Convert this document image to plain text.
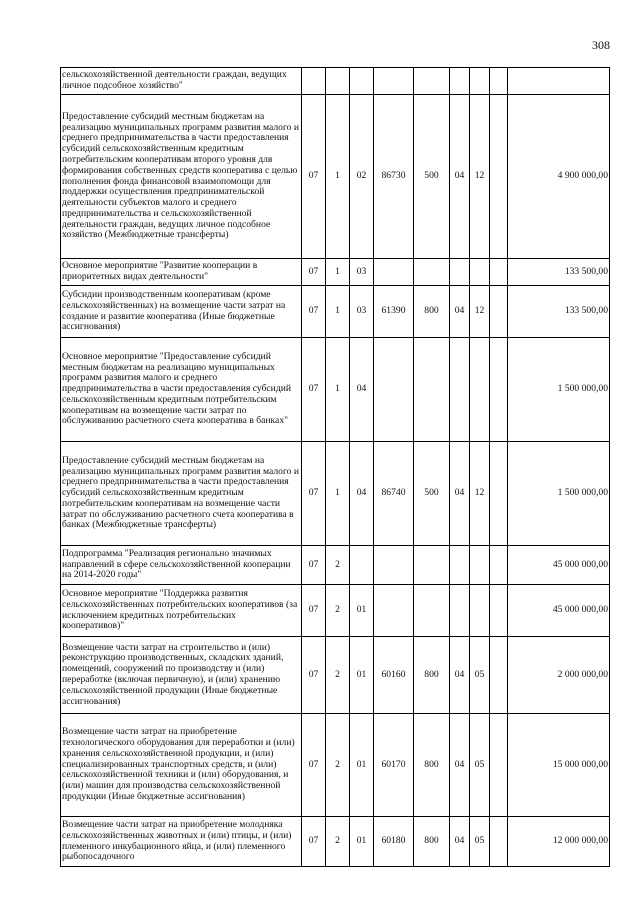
308
сельскохозяйственной деятельности граждан, ведущих личное подсобное хозяйство"									
Предоставление субсидий местным бюджетам на реализацию муниципальных программ развития малого и среднего предпринимательства в части предоставления субсидий сельскохозяйственным кредитным потребительским кооперативам второго уровня для формирования собственных средств кооператива с целью пополнения фонда финансовой взаимопомощи для поддержки осуществления предпринимательской деятельности субъектов малого и среднего предпринимательства и сельскохозяйственной деятельности граждан, ведущих личное подсобное хозяйство (Межбюджетные трансферты)	07	1	02	86730	500	04	12		4 900 000,00
Основное мероприятие "Развитие кооперации в приоритетных видах деятельности"	07	1	03						133 500,00
Субсидии производственным кооперативам (кроме сельскохозяйственных) на возмещение части затрат на создание и развитие кооператива (Иные бюджетные ассигнования)	07	1	03	61390	800	04	12		133 500,00
Основное мероприятие "Предоставление субсидий местным бюджетам на реализацию муниципальных программ развития малого и среднего предпринимательства в части предоставления субсидий сельскохозяйственным кредитным потребительским кооперативам на возмещение части затрат по обслуживанию расчетного счета кооператива в банках"	07	1	04						1 500 000,00
Предоставление субсидий местным бюджетам на реализацию муниципальных программ развития малого и среднего предпринимательства в части предоставления субсидий сельскохозяйственным кредитным потребительским кооперативам на возмещение части затрат по обслуживанию расчетного счета кооператива в банках (Межбюджетные трансферты)	07	1	04	86740	500	04	12		1 500 000,00
Подпрограмма "Реализация регионально значимых направлений в сфере сельскохозяйственной кооперации на 2014-2020 годы"	07	2							45 000 000,00
Основное мероприятие "Поддержка развития сельскохозяйственных потребительских кооперативов (за исключением кредитных потребительских кооперативов)"	07	2	01						45 000 000,00
Возмещение части затрат на строительство и (или) реконструкцию производственных, складских зданий, помещений, сооружений по производству и (или) переработке (включая первичную), и (или) хранению сельскохозяйственной продукции (Иные бюджетные ассигнования)	07	2	01	60160	800	04	05		2 000 000,00
Возмещение части затрат на приобретение технологического оборудования для переработки и (или) хранения сельскохозяйственной продукции, и (или) специализированных транспортных средств, и (или) сельскохозяйственной техники и (или) оборудования, и (или) машин для производства сельскохозяйственной продукции (Иные бюджетные ассигнования)	07	2	01	60170	800	04	05		15 000 000,00
Возмещение части затрат на приобретение молодняка сельскохозяйственных животных и (или) птицы, и (или) племенного инкубационного яйца, и (или) племенного рыбопосадочного	07	2	01	60180	800	04	05		12 000 000,00
